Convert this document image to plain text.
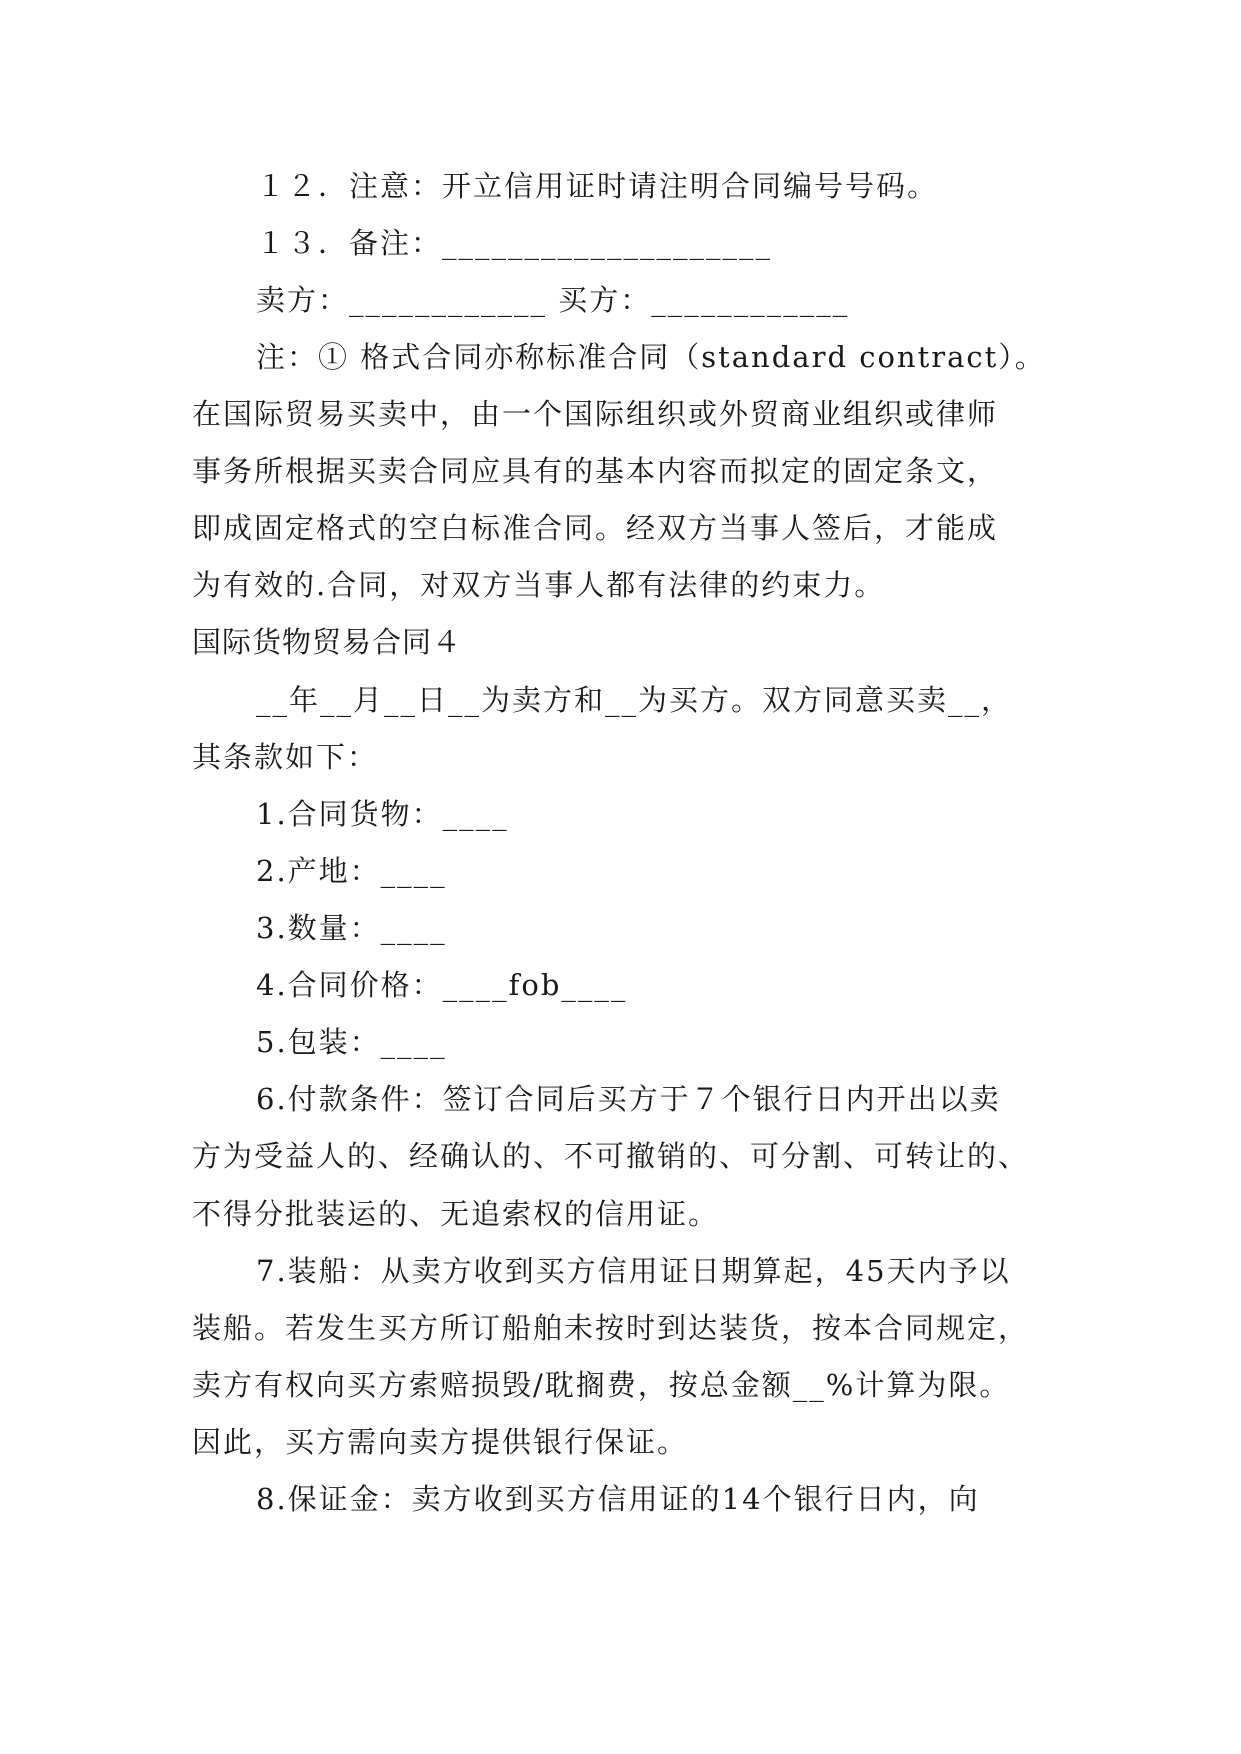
１２．注意：开立信用证时请注明合同编号号码。
１３．备注：____________________
卖方：____________ 买方：____________
注：① 格式合同亦称标准合同（standard contract）。
在国际贸易买卖中，由一个国际组织或外贸商业组织或律师
事务所根据买卖合同应具有的基本内容而拟定的固定条文，
即成固定格式的空白标准合同。经双方当事人签后，才能成
为有效的.合同，对双方当事人都有法律的约束力。
国际货物贸易合同４
__年__月__日__为卖方和__为买方。双方同意买卖__，
其条款如下：
1.合同货物：____
2.产地：____
3.数量：____
4.合同价格：____fob____
5.包装：____
6.付款条件：签订合同后买方于７个银行日内开出以卖
方为受益人的、经确认的、不可撤销的、可分割、可转让的、
不得分批装运的、无追索权的信用证。
7.装船：从卖方收到买方信用证日期算起，45天内予以
装船。若发生买方所订船舶未按时到达装货，按本合同规定，
卖方有权向买方索赔损毁/耽搁费，按总金额__%计算为限。
因此，买方需向卖方提供银行保证。
8.保证金：卖方收到买方信用证的14个银行日内，向
